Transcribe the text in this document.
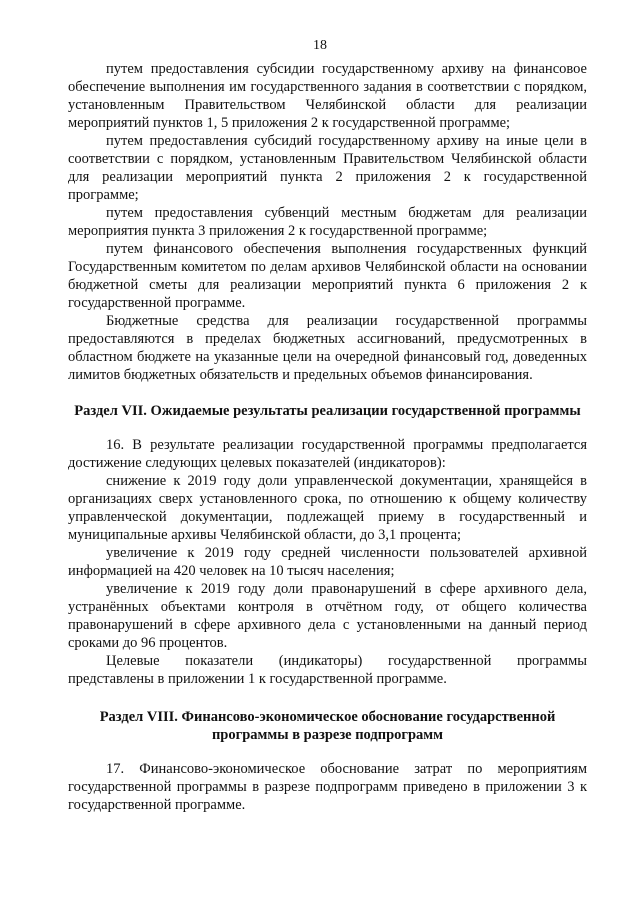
18

путем предоставления субсидии государственному архиву на финансовое обеспечение выполнения им государственного задания в соответствии с порядком, установленным Правительством Челябинской области для реализации мероприятий пунктов 1, 5 приложения 2 к государственной программе;

путем предоставления субсидий государственному архиву на иные цели в соответствии с порядком, установленным Правительством Челябинской области для реализации мероприятий пункта 2 приложения 2 к государственной программе;

путем предоставления субвенций местным бюджетам для реализации мероприятия пункта 3 приложения 2 к государственной программе;

путем финансового обеспечения выполнения государственных функций Государственным комитетом по делам архивов Челябинской области на основании бюджетной сметы для реализации мероприятий пункта 6 приложения 2 к государственной программе.

Бюджетные средства для реализации государственной программы предоставляются в пределах бюджетных ассигнований, предусмотренных в областном бюджете на указанные цели на очередной финансовый год, доведенных лимитов бюджетных обязательств и предельных объемов финансирования.

Раздел VII. Ожидаемые результаты реализации государственной программы

16. В результате реализации государственной программы предполагается достижение следующих целевых показателей (индикаторов):

снижение к 2019 году доли управленческой документации, хранящейся в организациях сверх установленного срока, по отношению к общему количеству управленческой документации, подлежащей приему в государственный и муниципальные архивы Челябинской области, до 3,1 процента;

увеличение к 2019 году средней численности пользователей архивной информацией на 420 человек на 10 тысяч населения;

увеличение к 2019 году доли правонарушений в сфере архивного дела, устранённых объектами контроля в отчётном году, от общего количества правонарушений в сфере архивного дела с установленными на данный период сроками до 96 процентов.

Целевые показатели (индикаторы) государственной программы представлены в приложении 1 к государственной программе.

Раздел VIII. Финансово-экономическое обоснование государственной
программы в разрезе подпрограмм

17. Финансово-экономическое обоснование затрат по мероприятиям государственной программы в разрезе подпрограмм приведено в приложении 3 к государственной программе.
